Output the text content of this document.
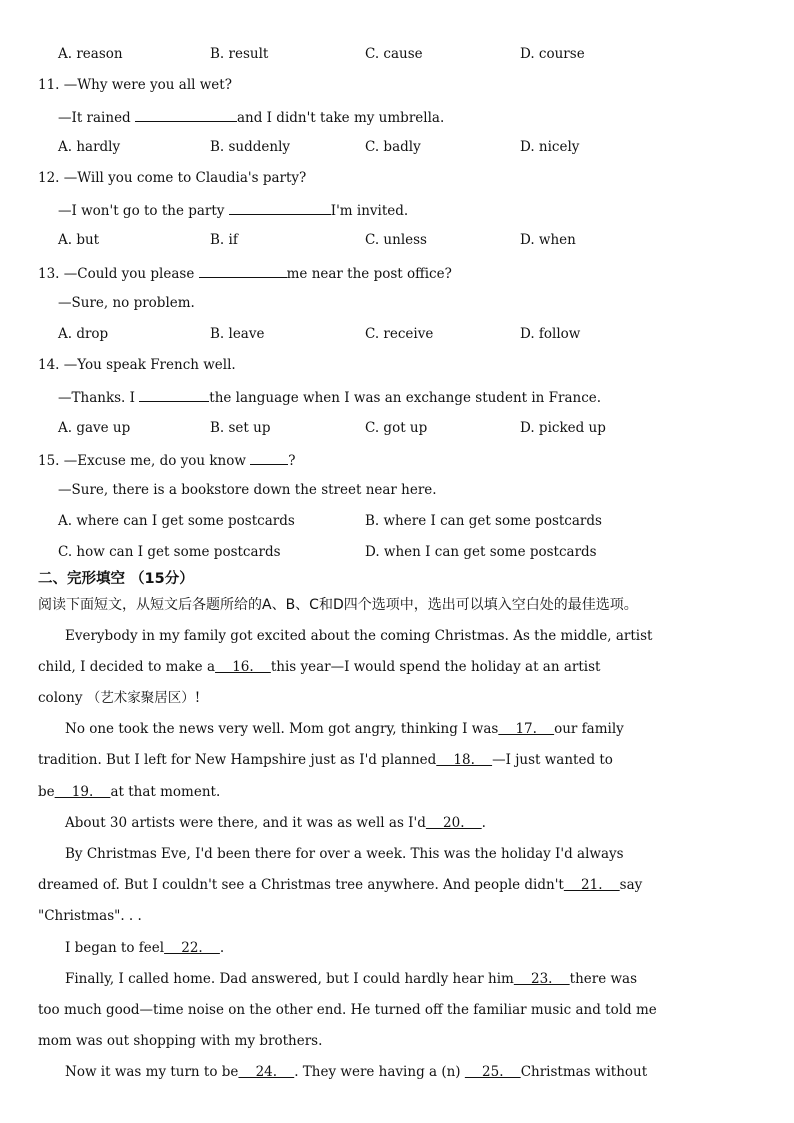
A. reason	B. result	C. cause	D. course
11. —Why were you all wet?
—It rained	and I didn't take my umbrella.
A. hardly	B. suddenly	C. badly	D. nicely
12. —Will you come to Claudia's party?
—I won't go to the party	I'm invited.
A. but	B. if	C. unless	D. when
13. —Could you please	me near the post office?
—Sure, no problem.
A. drop	B. leave	C. receive	D. follow
14. —You speak French well.
—Thanks. I	the language when I was an exchange student in France.
A. gave up	B. set up	C. got up	D. picked up
15. —Excuse me, do you know	?
—Sure, there is a bookstore down the street near here.
A. where can I get some postcards	B. where I can get some postcards
C. how can I get some postcards	D. when I can get some postcards
二、完形填空 （15分）
阅读下面短文，从短文后各题所给的A、B、C和D四个选项中，选出可以填入空白处的最佳选项。
Everybody in my family got excited about the coming Christmas. As the middle, artist
child, I decided to make a    16.    this year—I would spend the holiday at an artist
colony （艺术家聚居区）!
No one took the news very well. Mom got angry, thinking I was    17.    our family
tradition. But I left for New Hampshire just as I'd planned    18.    —I just wanted to
be    19.    at that moment.
About 30 artists were there, and it was as well as I'd    20.    .
By Christmas Eve, I'd been there for over a week. This was the holiday I'd always
dreamed of. But I couldn't see a Christmas tree anywhere. And people didn't    21.    say
"Christmas". . .
I began to feel    22.    .
Finally, I called home. Dad answered, but I could hardly hear him    23.    there was
too much good—time noise on the other end. He turned off the familiar music and told me
mom was out shopping with my brothers.
Now it was my turn to be    24.    . They were having a (n)     25.    Christmas without
